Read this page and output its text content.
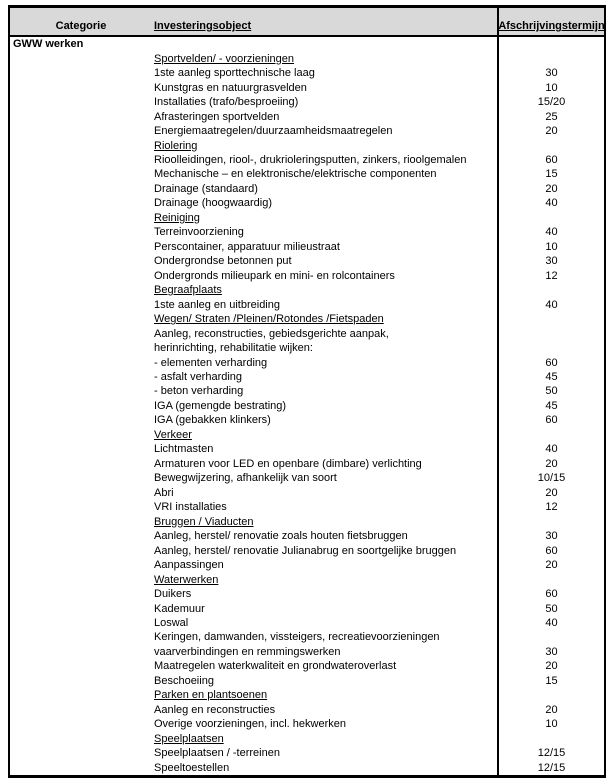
Categorie	Investeringsobject	Afschrijvingstermijn
GWW werken
Sportvelden/ - voorzieningen
1ste aanleg sporttechnische laag	30
Kunstgras en natuurgrasvelden	10
Installaties (trafo/besproeiing)	15/20
Afrasteringen sportvelden	25
Energiemaatregelen/duurzaamheidsmaatregelen	20
Riolering
Rioolleidingen, riool-, drukrioleringsputten, zinkers, rioolgemalen	60
Mechanische – en elektronische/elektrische componenten	15
Drainage (standaard)	20
Drainage (hoogwaardig)	40
Reiniging
Terreinvoorziening	40
Perscontainer, apparatuur milieustraat	10
Ondergrondse betonnen put	30
Ondergronds milieupark en mini- en rolcontainers	12
Begraafplaats
1ste aanleg en uitbreiding	40
Wegen/ Straten /Pleinen/Rotondes /Fietspaden
Aanleg, reconstructies, gebiedsgerichte aanpak,
herinrichting, rehabilitatie wijken:
- elementen verharding	60
- asfalt verharding	45
- beton verharding	50
IGA (gemengde bestrating)	45
IGA (gebakken klinkers)	60
Verkeer
Lichtmasten	40
Armaturen voor LED en openbare (dimbare) verlichting	20
Bewegwijzering, afhankelijk van soort	10/15
Abri	20
VRI installaties	12
Bruggen / Viaducten
Aanleg, herstel/ renovatie zoals houten fietsbruggen	30
Aanleg, herstel/ renovatie Julianabrug en soortgelijke bruggen	60
Aanpassingen	20
Waterwerken
Duikers	60
Kademuur	50
Loswal	40
Keringen, damwanden, vissteigers, recreatievoorzieningen
vaarverbindingen en remmingswerken	30
Maatregelen waterkwaliteit en grondwateroverlast	20
Beschoeiing	15
Parken en plantsoenen
Aanleg en reconstructies	20
Overige voorzieningen, incl. hekwerken	10
Speelplaatsen
Speelplaatsen / -terreinen	12/15
Speeltoestellen	12/15
